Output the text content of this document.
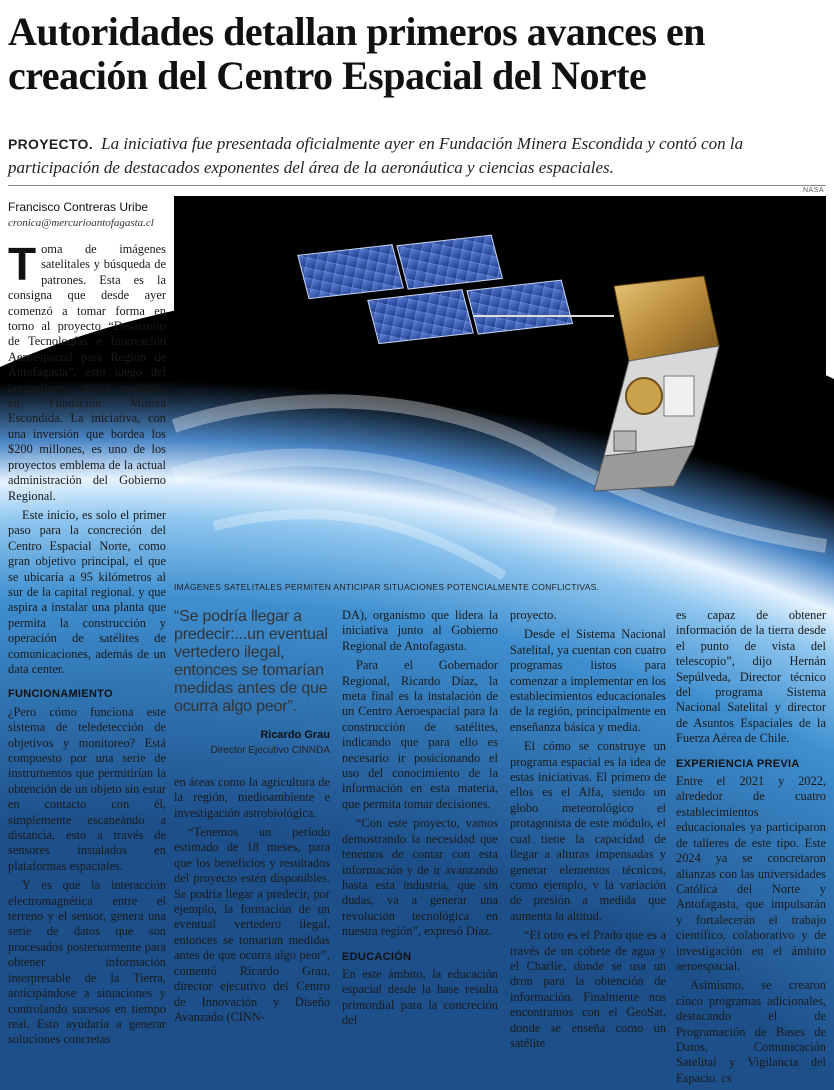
Autoridades detallan primeros avances en creación del Centro Espacial del Norte
PROYECTO. La iniciativa fue presentada oficialmente ayer en Fundación Minera Escondida y contó con la participación de destacados exponentes del área de la aeronáutica y ciencias espaciales.
Francisco Contreras Uribe
cronica@mercurioantofagasta.cl
NASA
IMÁGENES SATELITALES PERMITEN ANTICIPAR SITUACIONES POTENCIALMENTE CONFLICTIVAS.

Toma de imágenes satelitales y búsqueda de patrones. Esta es la consigna que desde ayer comenzó a tomar forma en torno al proyecto “Desarrollo de Tecnologías e Innovación Aeroespacial para Región de Antofagasta”, esto luego del lanzamiento oficial realizado en Fundación Minera Escondida. La iniciativa, con una inversión que bordea los $200 millones, es uno de los proyectos emblema de la actual administración del Gobierno Regional.

Este inicio, es solo el primer paso para la concreción del Centro Espacial Norte, como gran objetivo principal, el que se ubicaría a 95 kilómetros al sur de la capital regional. y que aspira a instalar una planta que permita la construcción y operación de satélites de comunicaciones, además de un data center.

FUNCIONAMIENTO

¿Pero cómo funciona este sistema de teledetección de objetivos y monitoreo? Está compuesto por una serie de instrumentos que permitirían la obtención de un objeto sin estar en contacto con él, simplemente escaneándo a distancia, esto a través de sensores instalados en plataformas espaciales.

Y es que la interacción electromagnética entre el terreno y el sensor, genera una serie de datos que son procesados posteriormente para obtener información interpretable de la Tierra, anticipándose a situaciones y controlando sucesos en tiempo real. Esto ayudaría a generar soluciones concretas

“Se podría llegar a predecir:...un eventual vertedero ilegal, entonces se tomarían medidas antes de que ocurra algo peor”.
Ricardo Grau
Director Ejecutivo CINNDA

en áreas como la agricultura de la región, medioambiente e investigación astrobiológica.

“Tenemos un período estimado de 18 meses, para que los beneficios y resultados del proyecto estén disponibles. Se podría llegar a predecir, por ejemplo, la formación de un eventual vertedero ilegal, entonces se tomarían medidas antes de que ocurra algo peor”, comentó Ricardo Grau, director ejecutivo del Centro de Innovación y Diseño Avanzado (CINN-

DA), organismo que lidera la iniciativa junto al Gobierno Regional de Antofagasta.

Para el Gobernador Regional, Ricardo Díaz, la meta final es la instalación de un Centro Aeroespacial para la construcción de satélites, indicando que para ello es necesario ir posicionando el uso del conocimiento de la información en esta materia, que permita tomar decisiones.

“Con este proyecto, vamos demostrando la necesidad que tenemos de contar con esta información y de ir avanzando hasta esta industria, que sin dudas, va a generar una revolución tecnológica en nuestra región”, expresó Díaz.

EDUCACIÓN

En este ámbito, la educación espacial desde la base resulta primordial para la concreción del

proyecto.

Desde el Sistema Nacional Satelital, ya cuentan con cuatro programas listos para comenzar a implementar en los establecimientos educacionales de la región, principalmente en enseñanza básica y media.

El cómo se construye un programa espacial es la idea de estas iniciativas. El primero de ellos es el Alfa, siendo un globo meteorológico el protagonista de este módulo, el cual tiene la capacidad de llegar a alturas impensadas y generar elementos técnicos, como ejemplo, v la variación de presión a medida que aumenta la altitud.

“El otro es el Prado que es a través de un cohete de agua y el Charlie, donde se usa un dron para la obtención de información. Finalmente nos encontramos con el GeoSat, donde se enseña como un satélite

es capaz de obtener información de la tierra desde el punto de vista del telescopio”, dijo Hernán Sepúlveda, Director técnico del programa Sistema Nacional Satelital y director de Asuntos Espaciales de la Fuerza Aérea de Chile.

EXPERIENCIA PREVIA

Entre el 2021 y 2022, alrededor de cuatro establecimientos educacionales ya participaron de talleres de este tipo. Este 2024 ya se concretaron alianzas con las universidades Católica del Norte y Antofagasta, que impulsarán y fortalecerán el trabajo científico, colaborativo y de investigación en el ámbito aeroespacial.

Asimismo, se crearon cinco programas adicionales, destacando el de Programación de Bases de Datos, Comunicación Satelital y Vigilancia del Espacio. cs
